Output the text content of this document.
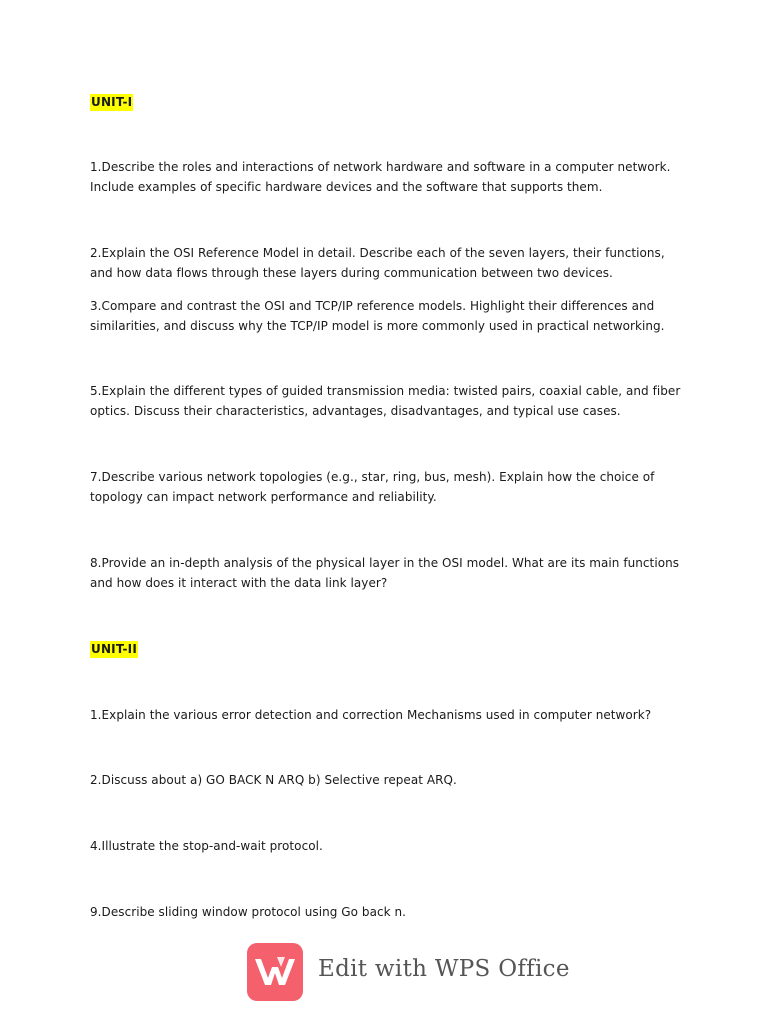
UNIT-I
1.Describe the roles and interactions of network hardware and software in a computer network. Include examples of specific hardware devices and the software that supports them.
2.Explain the OSI Reference Model in detail. Describe each of the seven layers, their functions, and how data flows through these layers during communication between two devices.
3.Compare and contrast the OSI and TCP/IP reference models. Highlight their differences and similarities, and discuss why the TCP/IP model is more commonly used in practical networking.
5.Explain the different types of guided transmission media: twisted pairs, coaxial cable, and fiber optics. Discuss their characteristics, advantages, disadvantages, and typical use cases.
7.Describe various network topologies (e.g., star, ring, bus, mesh). Explain how the choice of topology can impact network performance and reliability.
8.Provide an in-depth analysis of the physical layer in the OSI model. What are its main functions and how does it interact with the data link layer?
UNIT-II
1.Explain the various error detection and correction Mechanisms used in computer network?
2.Discuss about a) GO BACK N ARQ b) Selective repeat ARQ.
4.Illustrate the stop-and-wait protocol.
9.Describe sliding window protocol using Go back n.
Edit with WPS Office
